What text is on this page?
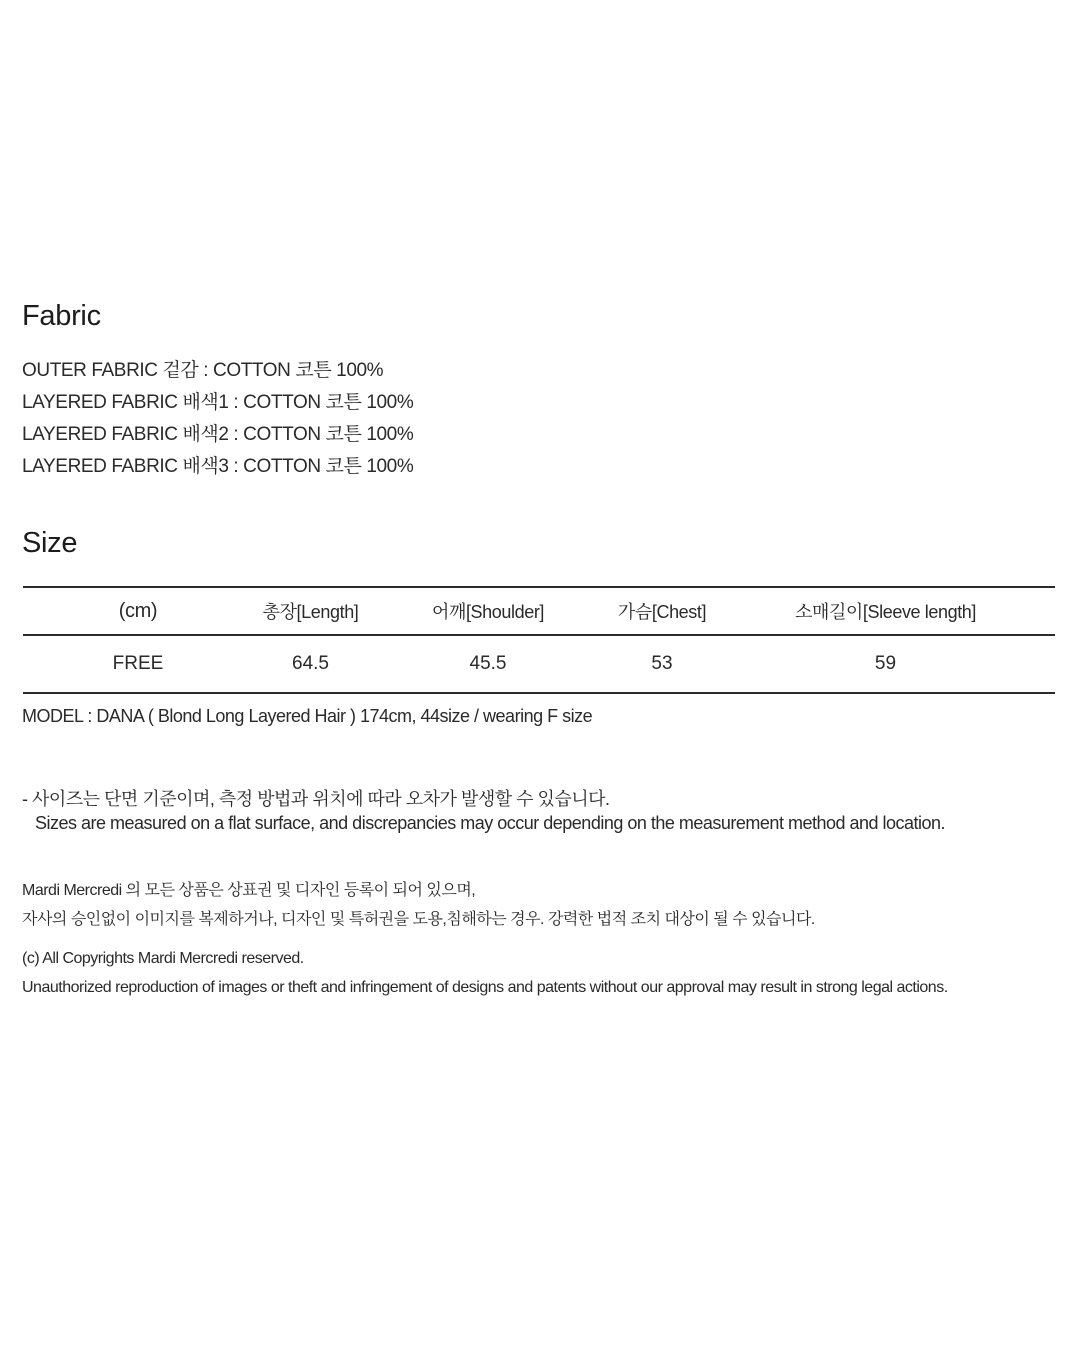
Fabric
OUTER FABRIC 겉감 : COTTON 코튼 100%
LAYERED FABRIC 배색1 : COTTON 코튼 100%
LAYERED FABRIC 배색2 : COTTON 코튼 100%
LAYERED FABRIC 배색3 : COTTON 코튼 100%
Size
(cm)	총장[Length]	어깨[Shoulder]	가슴[Chest]	소매길이[Sleeve length]
FREE	64.5	45.5	53	59
MODEL : DANA ( Blond Long Layered Hair ) 174cm, 44size / wearing F size
- 사이즈는 단면 기준이며, 측정 방법과 위치에 따라 오차가 발생할 수 있습니다.
Sizes are measured on a flat surface, and discrepancies may occur depending on the measurement method and location.
Mardi Mercredi 의 모든 상품은 상표권 및 디자인 등록이 되어 있으며,
자사의 승인없이 이미지를 복제하거나, 디자인 및 특허권을 도용,침해하는 경우. 강력한 법적 조치 대상이 될 수 있습니다.
(c) All Copyrights Mardi Mercredi reserved.
Unauthorized reproduction of images or theft and infringement of designs and patents without our approval may result in strong legal actions.
